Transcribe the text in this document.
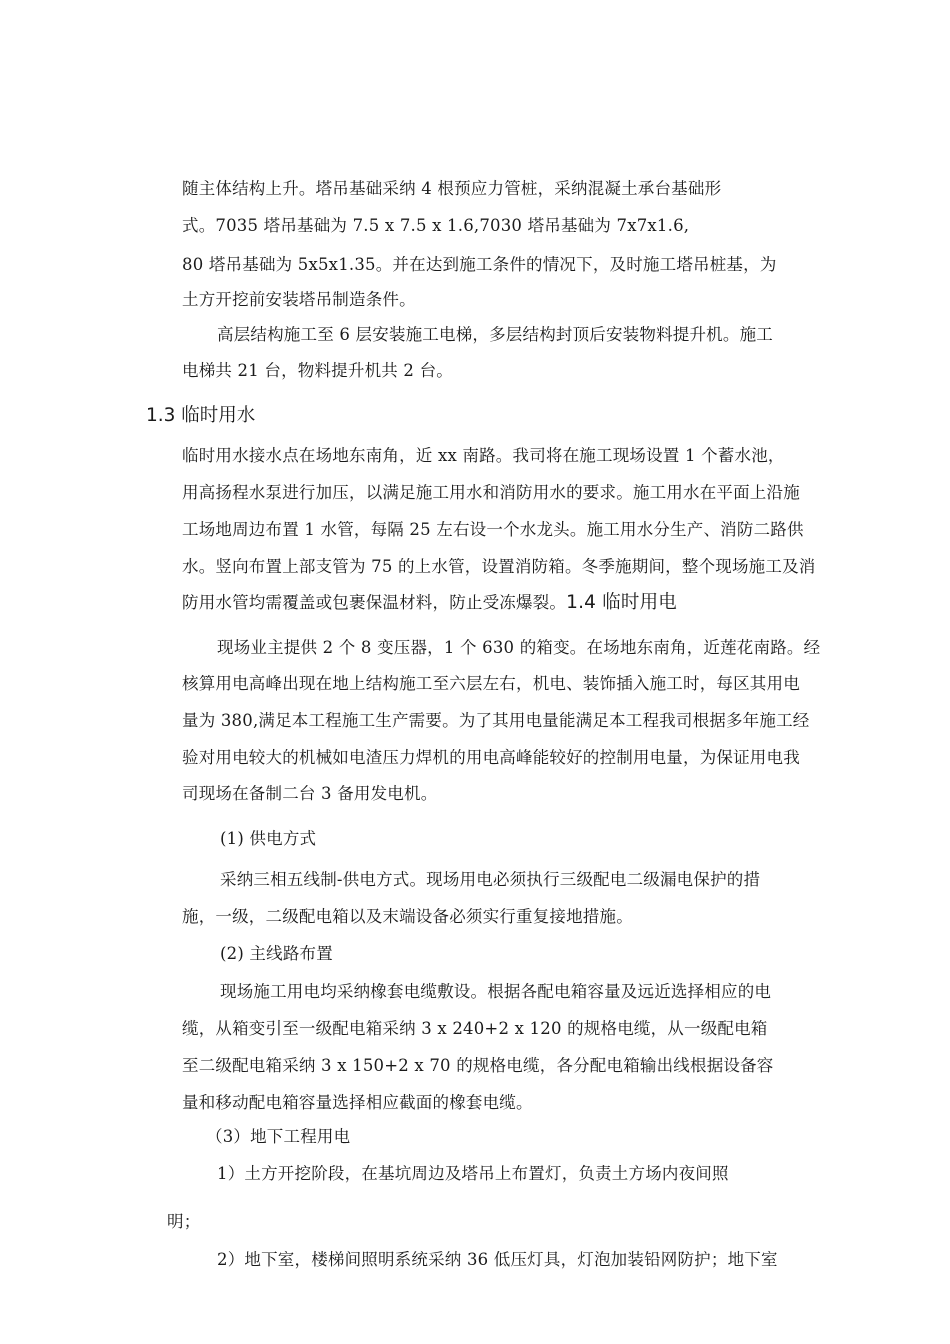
随主体结构上升。塔吊基础采纳 4 根预应力管桩，采纳混凝土承台基础形
式。7035 塔吊基础为 7.5 x 7.5 x 1.6,7030 塔吊基础为 7x7x1.6,
80 塔吊基础为 5x5x1.35。并在达到施工条件的情况下，及时施工塔吊桩基，为
土方开挖前安装塔吊制造条件。
高层结构施工至 6 层安装施工电梯，多层结构封顶后安装物料提升机。施工
电梯共 21 台，物料提升机共 2 台。
1.3 临时用水
临时用水接水点在场地东南角，近 xx 南路。我司将在施工现场设置 1 个蓄水池，
用高扬程水泵进行加压，以满足施工用水和消防用水的要求。施工用水在平面上沿施
工场地周边布置 1 水管，每隔 25 左右设一个水龙头。施工用水分生产、消防二路供
水。竖向布置上部支管为 75 的上水管，设置消防箱。冬季施期间，整个现场施工及消
防用水管均需覆盖或包裹保温材料，防止受冻爆裂。1.4 临时用电
现场业主提供 2 个 8 变压器，1 个 630 的箱变。在场地东南角，近莲花南路。经
核算用电高峰出现在地上结构施工至六层左右，机电、装饰插入施工时，每区其用电
量为 380,满足本工程施工生产需要。为了其用电量能满足本工程我司根据多年施工经
验对用电较大的机械如电渣压力焊机的用电高峰能较好的控制用电量，为保证用电我
司现场在备制二台 3 备用发电机。
(1) 供电方式
采纳三相五线制-供电方式。现场用电必须执行三级配电二级漏电保护的措
施，一级，二级配电箱以及末端设备必须实行重复接地措施。
(2) 主线路布置
现场施工用电均采纳橡套电缆敷设。根据各配电箱容量及远近选择相应的电
缆，从箱变引至一级配电箱采纳 3 x 240+2 x 120 的规格电缆，从一级配电箱
至二级配电箱采纳 3 x 150+2 x 70 的规格电缆，各分配电箱输出线根据设备容
量和移动配电箱容量选择相应截面的橡套电缆。
（3）地下工程用电
1）土方开挖阶段，在基坑周边及塔吊上布置灯，负责土方场内夜间照
明；
2）地下室，楼梯间照明系统采纳 36 低压灯具，灯泡加装铅网防护；地下室
